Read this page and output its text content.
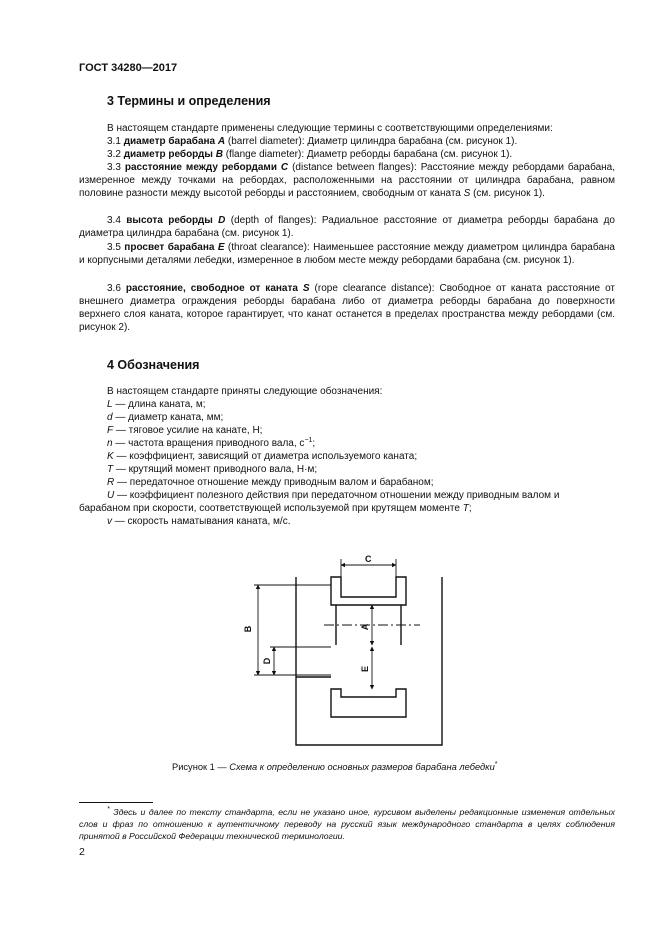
ГОСТ 34280—2017
3 Термины и определения
В настоящем стандарте применены следующие термины с соответствующими определениями:
3.1 диаметр барабана A (barrel diameter): Диаметр цилиндра барабана (см. рисунок 1).
3.2 диаметр реборды B (flange diameter): Диаметр реборды барабана (см. рисунок 1).
3.3 расстояние между ребордами C (distance between flanges): Расстояние между ребордами барабана, измеренное между точками на ребордах, расположенными на расстоянии от цилиндра барабана, равном половине разности между высотой реборды и расстоянием, свободным от каната S (см. рисунок 1).
3.4 высота реборды D (depth of flanges): Радиальное расстояние от диаметра реборды барабана до диаметра цилиндра барабана (см. рисунок 1).
3.5 просвет барабана E (throat clearance): Наименьшее расстояние между диаметром цилиндра барабана и корпусными деталями лебедки, измеренное в любом месте между ребордами барабана (см. рисунок 1).
3.6 расстояние, свободное от каната S (rope clearance distance): Свободное от каната расстояние от внешнего диаметра ограждения реборды барабана либо от диаметра реборды барабана до поверхности верхнего слоя каната, которое гарантирует, что канат останется в пределах пространства между ребордами (см. рисунок 2).
4 Обозначения
В настоящем стандарте приняты следующие обозначения:
L — длина каната, м;
d — диаметр каната, мм;
F — тяговое усилие на канате, Н;
n — частота вращения приводного вала, $с^{-1}$;
K — коэффициент, зависящий от диаметра используемого каната;
T — крутящий момент приводного вала, Н·м;
R — передаточное отношение между приводным валом и барабаном;
U — коэффициент полезного действия при передаточном отношении между приводным валом и
барабаном при скорости, соответствующей используемой при крутящем моменте T;
v — скорость наматывания каната, м/с.
C
B
D
A
E
Рисунок 1 — Схема к определению основных размеров барабана лебедки*
* Здесь и далее по тексту стандарта, если не указано иное, курсивом выделены редакционные изменения отдельных слов и фраз по отношению к аутентичному переводу на русский язык международного стандарта в целях соблюдения принятой в Российской Федерации технической терминологии.
2
